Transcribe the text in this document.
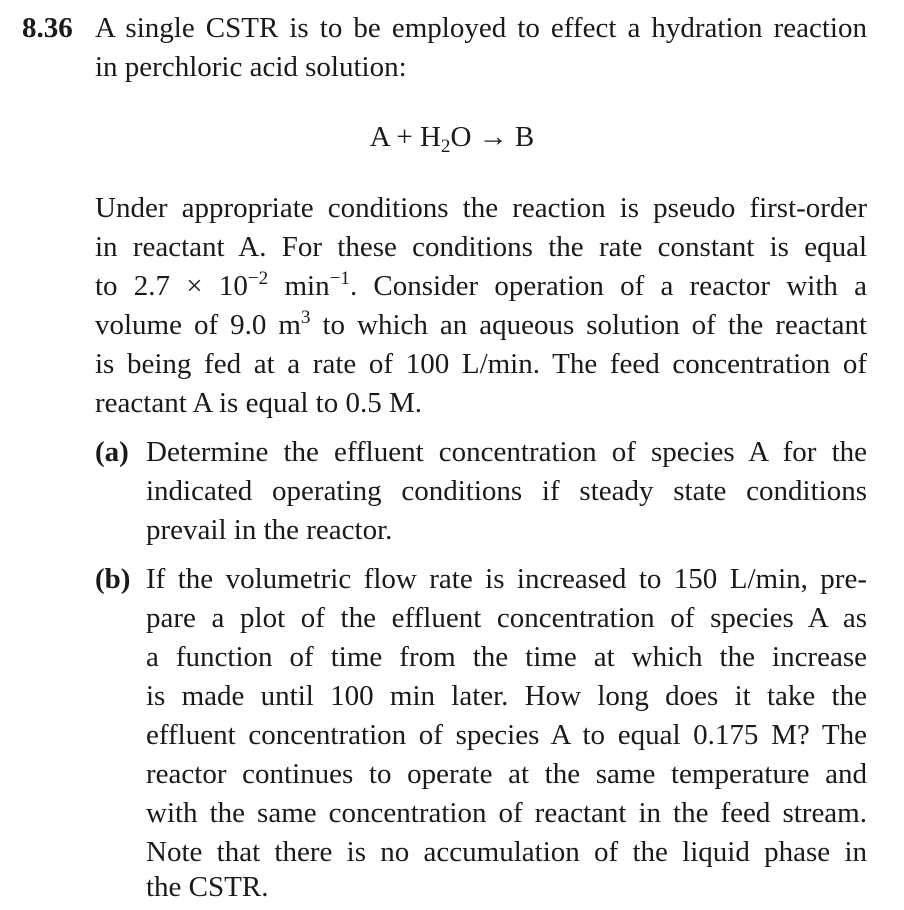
8.36 A single CSTR is to be employed to effect a hydration reaction
in perchloric acid solution:
$A + H_2O \to B$
Under appropriate conditions the reaction is pseudo first-order
in reactant A. For these conditions the rate constant is equal
to $2.7 \times 10^{-2}$ $\min^{-1}$. Consider operation of a reactor with a
volume of 9.0 $m^3$ to which an aqueous solution of the reactant
is being fed at a rate of 100 L/min. The feed concentration of
reactant A is equal to 0.5 M.
(a) Determine the effluent concentration of species A for the
indicated operating conditions if steady state conditions
prevail in the reactor.
(b) If the volumetric flow rate is increased to 150 L/min, pre-
pare a plot of the effluent concentration of species A as
a function of time from the time at which the increase
is made until 100 min later. How long does it take the
effluent concentration of species A to equal 0.175 M? The
reactor continues to operate at the same temperature and
with the same concentration of reactant in the feed stream.
Note that there is no accumulation of the liquid phase in
the CSTR.
